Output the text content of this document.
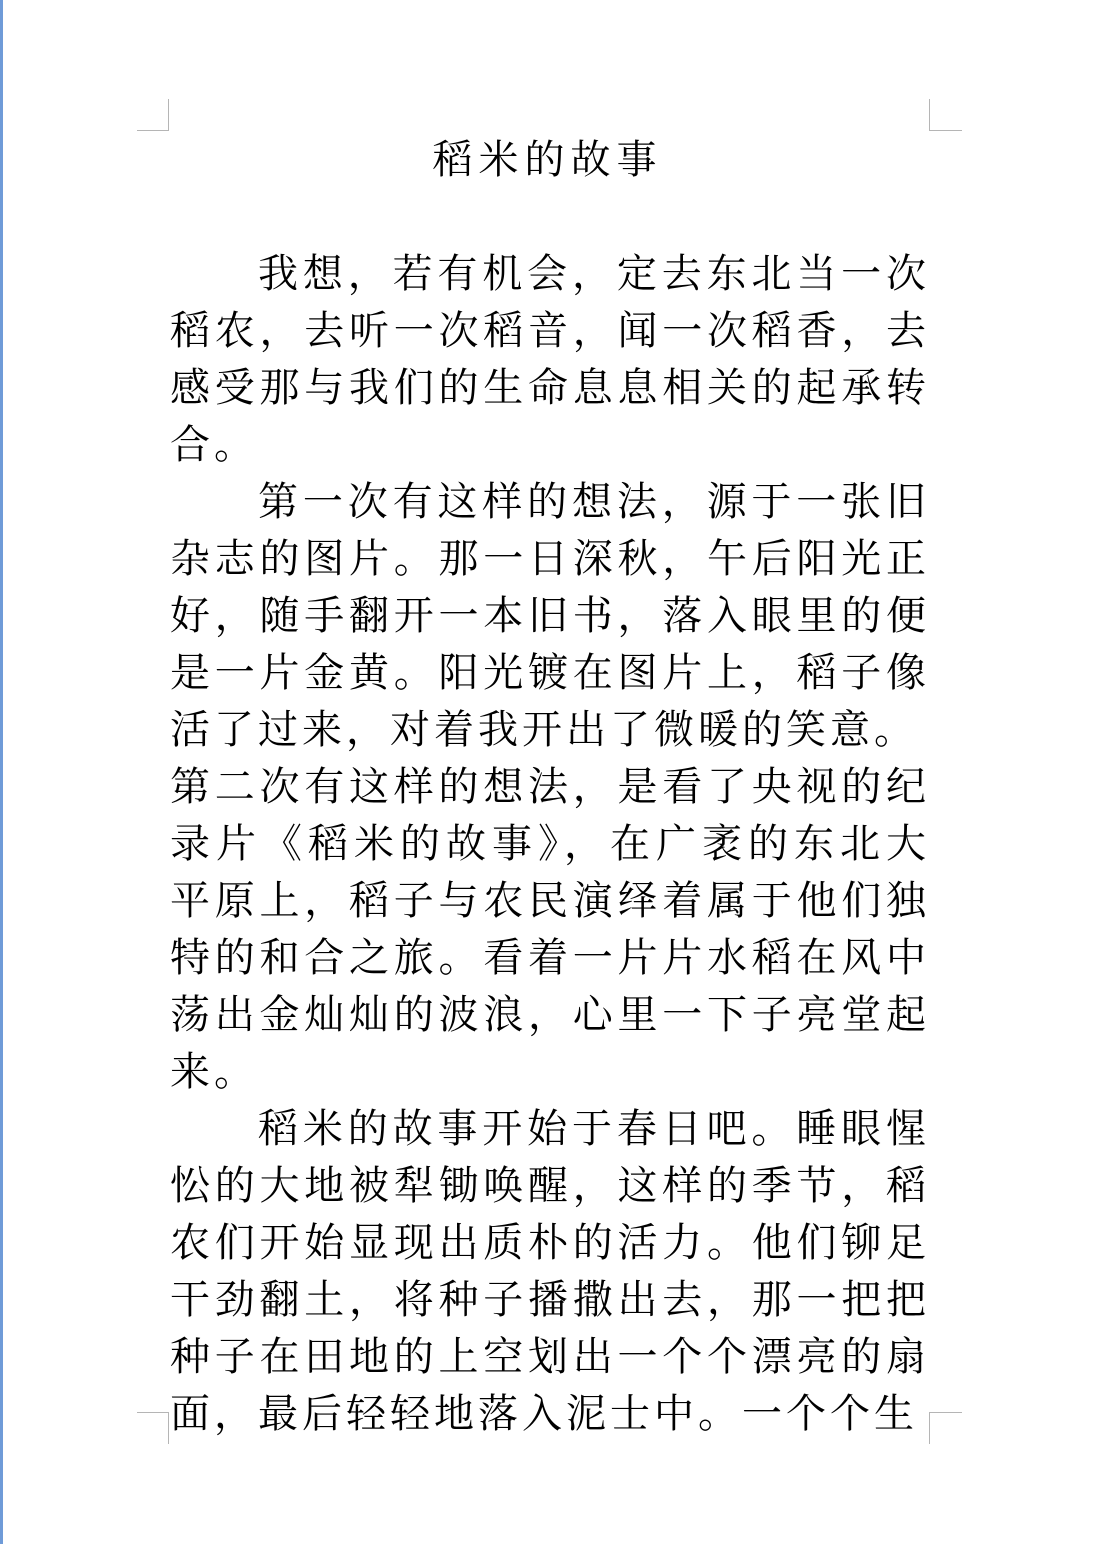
稻米的故事

我想，若有机会，定去东北当一次稻农，去听一次稻音，闻一次稻香，去感受那与我们的生命息息相关的起承转合。

第一次有这样的想法，源于一张旧杂志的图片。那一日深秋，午后阳光正好，随手翻开一本旧书，落入眼里的便是一片金黄。阳光镀在图片上，稻子像活了过来，对着我开出了微暖的笑意。

第二次有这样的想法，是看了央视的纪录片《稻米的故事》，在广袤的东北大平原上，稻子与农民演绎着属于他们独特的和合之旅。看着一片片水稻在风中荡出金灿灿的波浪，心里一下子亮堂起来。

稻米的故事开始于春日吧。睡眼惺忪的大地被犁锄唤醒，这样的季节，稻农们开始显现出质朴的活力。他们铆足干劲翻土，将种子播撒出去，那一把把种子在田地的上空划出一个个漂亮的扇面，最后轻轻地落入泥士中。一个个生
